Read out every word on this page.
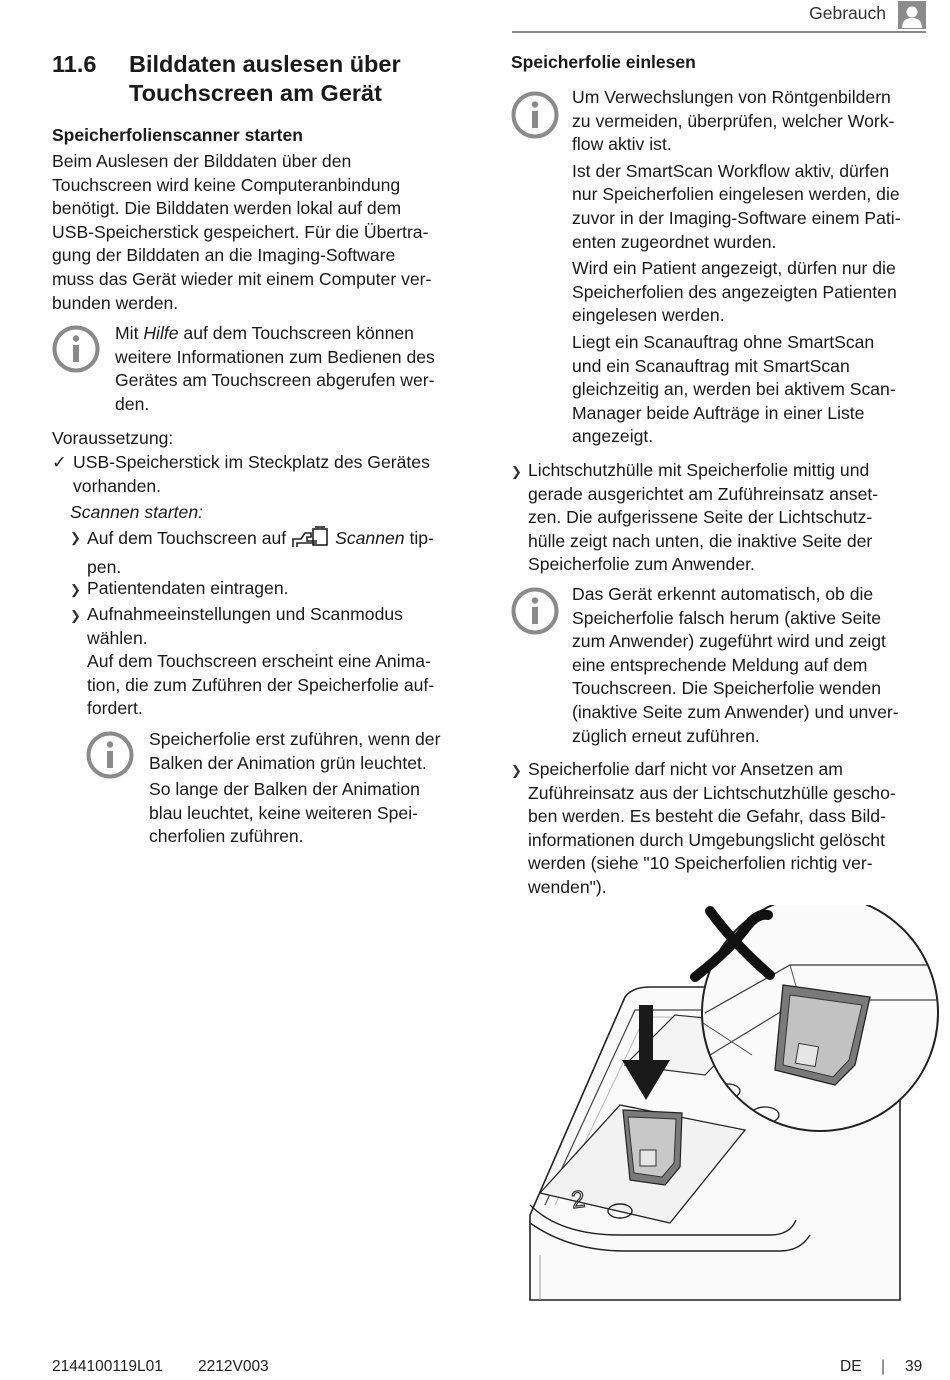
Gebrauch
11.6 Bilddaten auslesen über
Touchscreen am Gerät
Speicherfolienscanner starten
Beim Auslesen der Bilddaten über den
Touchscreen wird keine Computeranbindung
benötigt. Die Bilddaten werden lokal auf dem
USB-Speicherstick gespeichert. Für die Übertra-
gung der Bilddaten an die Imaging-Software
muss das Gerät wieder mit einem Computer ver-
bunden werden.
Mit Hilfe auf dem Touchscreen können
weitere Informationen zum Bedienen des
Gerätes am Touchscreen abgerufen wer-
den.
Voraussetzung:
✓ USB-Speicherstick im Steckplatz des Gerätes
vorhanden.
Scannen starten:
❯ Auf dem Touchscreen auf	Scannen tip-
pen.
❯ Patientendaten eintragen.
❯ Aufnahmeeinstellungen und Scanmodus
wählen.
Auf dem Touchscreen erscheint eine Anima-
tion, die zum Zuführen der Speicherfolie auf-
fordert.
Speicherfolie erst zuführen, wenn der
Balken der Animation grün leuchtet.
So lange der Balken der Animation
blau leuchtet, keine weiteren Spei-
cherfolien zuführen.
Speicherfolie einlesen
Um Verwechslungen von Röntgenbildern
zu vermeiden, überprüfen, welcher Work-
flow aktiv ist.
Ist der SmartScan Workflow aktiv, dürfen
nur Speicherfolien eingelesen werden, die
zuvor in der Imaging-Software einem Pati-
enten zugeordnet wurden.
Wird ein Patient angezeigt, dürfen nur die
Speicherfolien des angezeigten Patienten
eingelesen werden.
Liegt ein Scanauftrag ohne SmartScan
und ein Scanauftrag mit SmartScan
gleichzeitig an, werden bei aktivem Scan-
Manager beide Aufträge in einer Liste
angezeigt.
❯ Lichtschutzhülle mit Speicherfolie mittig und
gerade ausgerichtet am Zuführeinsatz anset-
zen. Die aufgerissene Seite der Lichtschutz-
hülle zeigt nach unten, die inaktive Seite der
Speicherfolie zum Anwender.
Das Gerät erkennt automatisch, ob die
Speicherfolie falsch herum (aktive Seite
zum Anwender) zugeführt wird und zeigt
eine entsprechende Meldung auf dem
Touchscreen. Die Speicherfolie wenden
(inaktive Seite zum Anwender) und unver-
züglich erneut zuführen.
❯ Speicherfolie darf nicht vor Ansetzen am
Zuführeinsatz aus der Lichtschutzhülle gescho-
ben werden. Es besteht die Gefahr, dass Bild-
informationen durch Umgebungslicht gelöscht
werden (siehe "10 Speicherfolien richtig ver-
wenden").
2
2144100119L01 2212V003	DE | 39
